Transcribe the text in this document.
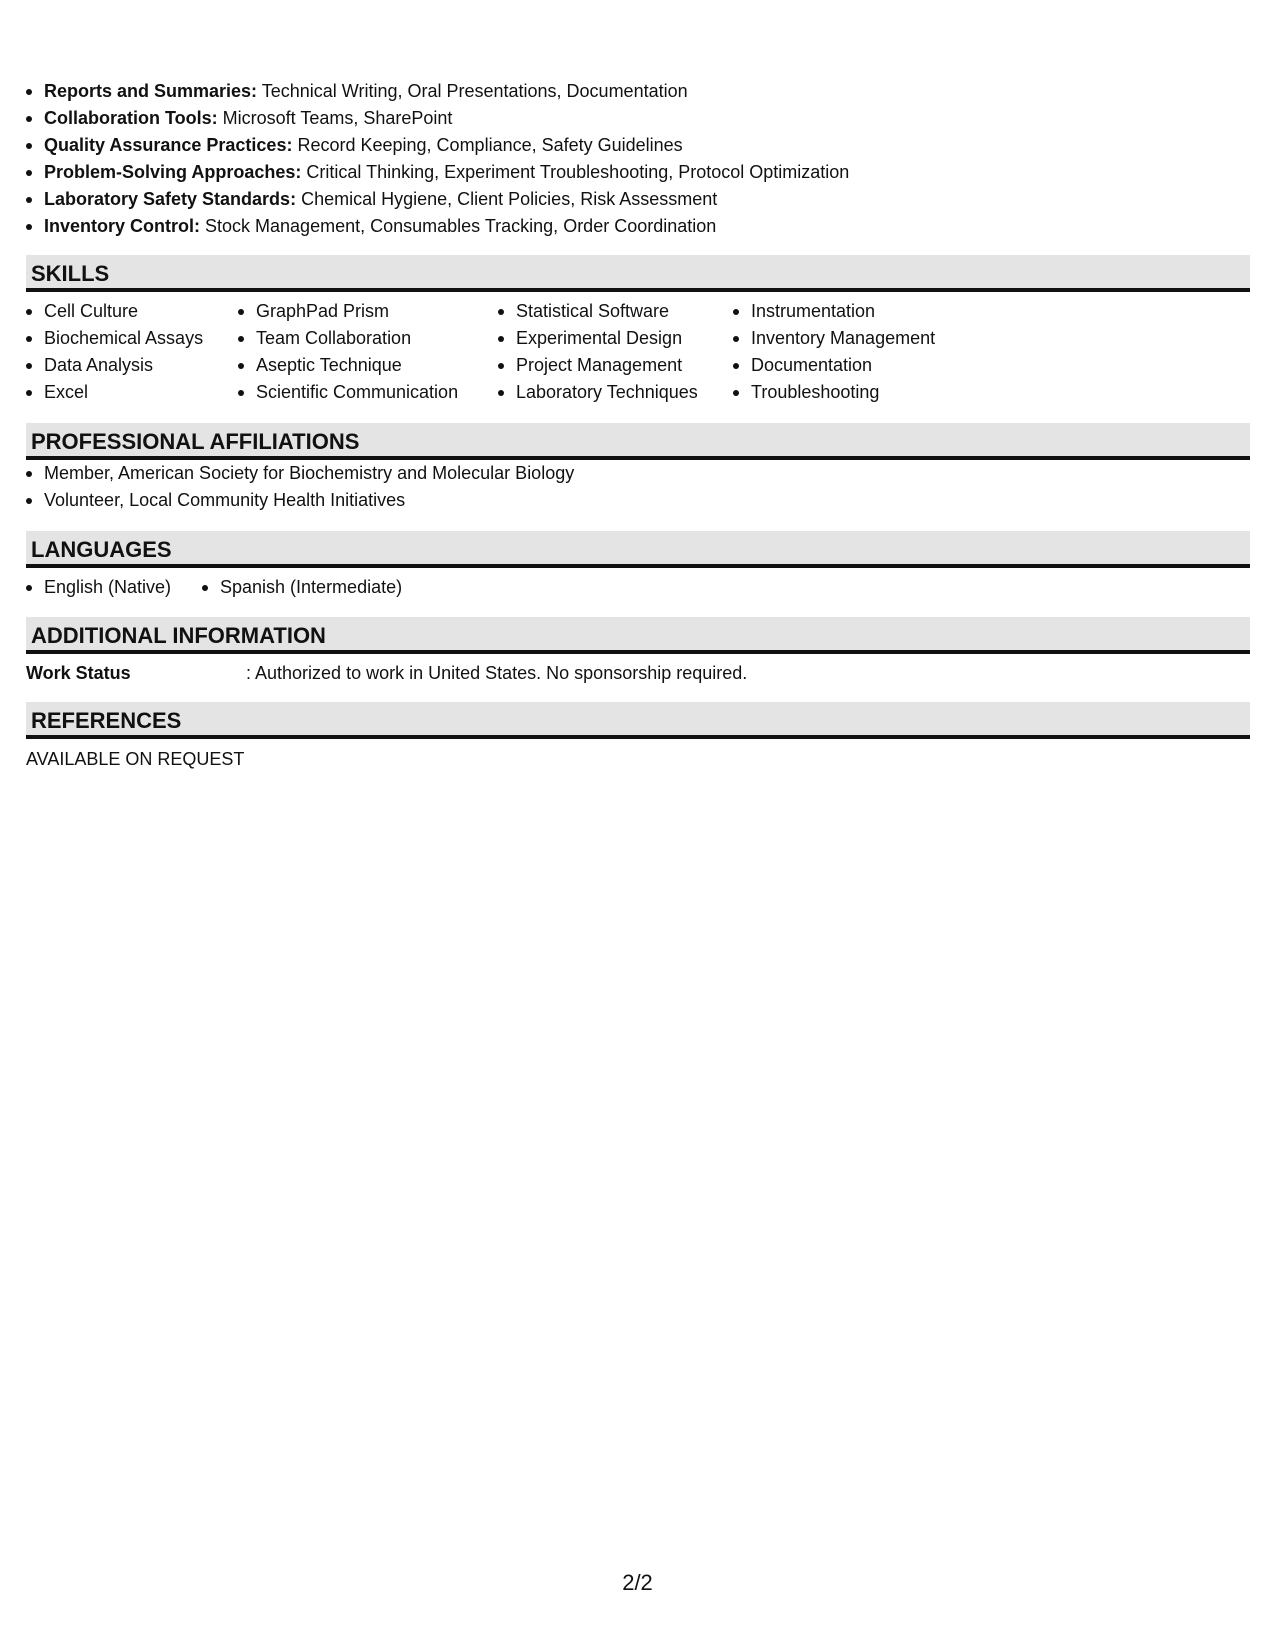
Reports and Summaries: Technical Writing, Oral Presentations, Documentation
Collaboration Tools: Microsoft Teams, SharePoint
Quality Assurance Practices: Record Keeping, Compliance, Safety Guidelines
Problem-Solving Approaches: Critical Thinking, Experiment Troubleshooting, Protocol Optimization
Laboratory Safety Standards: Chemical Hygiene, Client Policies, Risk Assessment
Inventory Control: Stock Management, Consumables Tracking, Order Coordination
SKILLS
Cell Culture
Biochemical Assays
Data Analysis
Excel
GraphPad Prism
Team Collaboration
Aseptic Technique
Scientific Communication
Statistical Software
Experimental Design
Project Management
Laboratory Techniques
Instrumentation
Inventory Management
Documentation
Troubleshooting
PROFESSIONAL AFFILIATIONS
Member, American Society for Biochemistry and Molecular Biology
Volunteer, Local Community Health Initiatives
LANGUAGES
English (Native)	Spanish (Intermediate)
ADDITIONAL INFORMATION
Work Status	: Authorized to work in United States. No sponsorship required.
REFERENCES
AVAILABLE ON REQUEST
2/2
